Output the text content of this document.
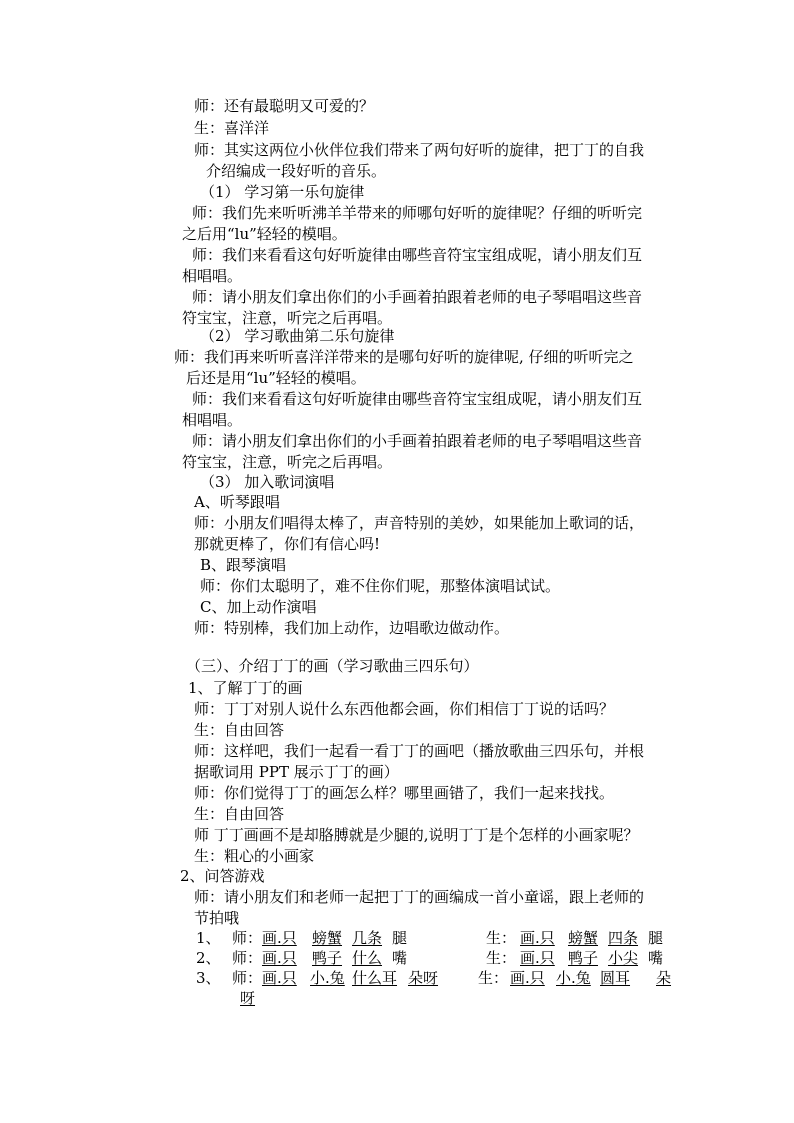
师：还有最聪明又可爱的？
生：喜洋洋
师：其实这两位小伙伴位我们带来了两句好听的旋律，把丁丁的自我
介绍编成一段好听的音乐。
（1） 学习第一乐句旋律
师：我们先来听听沸羊羊带来的师哪句好听的旋律呢？仔细的听听完
之后用“lu”轻轻的模唱。
师：我们来看看这句好听旋律由哪些音符宝宝组成呢，请小朋友们互
相唱唱。
师：请小朋友们拿出你们的小手画着拍跟着老师的电子琴唱唱这些音
符宝宝，注意，听完之后再唱。
（2） 学习歌曲第二乐句旋律
师：我们再来听听喜洋洋带来的是哪句好听的旋律呢, 仔细的听听完之
后还是用“lu”轻轻的模唱。
师：我们来看看这句好听旋律由哪些音符宝宝组成呢，请小朋友们互
相唱唱。
师：请小朋友们拿出你们的小手画着拍跟着老师的电子琴唱唱这些音
符宝宝，注意，听完之后再唱。
（3） 加入歌词演唱
A、听琴跟唱
师：小朋友们唱得太棒了，声音特别的美妙，如果能加上歌词的话，
那就更棒了，你们有信心吗!
B、跟琴演唱
师：你们太聪明了，难不住你们呢，那整体演唱试试。
C、加上动作演唱
师：特别棒，我们加上动作，边唱歌边做动作。
（三）、介绍丁丁的画（学习歌曲三四乐句）
1、了解丁丁的画
师：丁丁对别人说什么东西他都会画，你们相信丁丁说的话吗？
生：自由回答
师：这样吧，我们一起看一看丁丁的画吧（播放歌曲三四乐句，并根
据歌词用 PPT 展示丁丁的画）
师：你们觉得丁丁的画怎么样？哪里画错了，我们一起来找找。
生：自由回答
师 丁丁画画不是却胳膊就是少腿的,说明丁丁是个怎样的小画家呢？
生：粗心的小画家
2、问答游戏
师：请小朋友们和老师一起把丁丁的画编成一首小童谣，跟上老师的
节拍哦
1、 师： 画.只 螃蟹 几条 腿	生： 画.只 螃蟹 四条 腿
2、 师： 画.只 鸭子 什么 嘴	生： 画.只 鸭子 小尖 嘴
3、 师： 画.只 小.兔 什么耳 朵呀	生： 画.只 小.兔 圆耳 朵
呀
